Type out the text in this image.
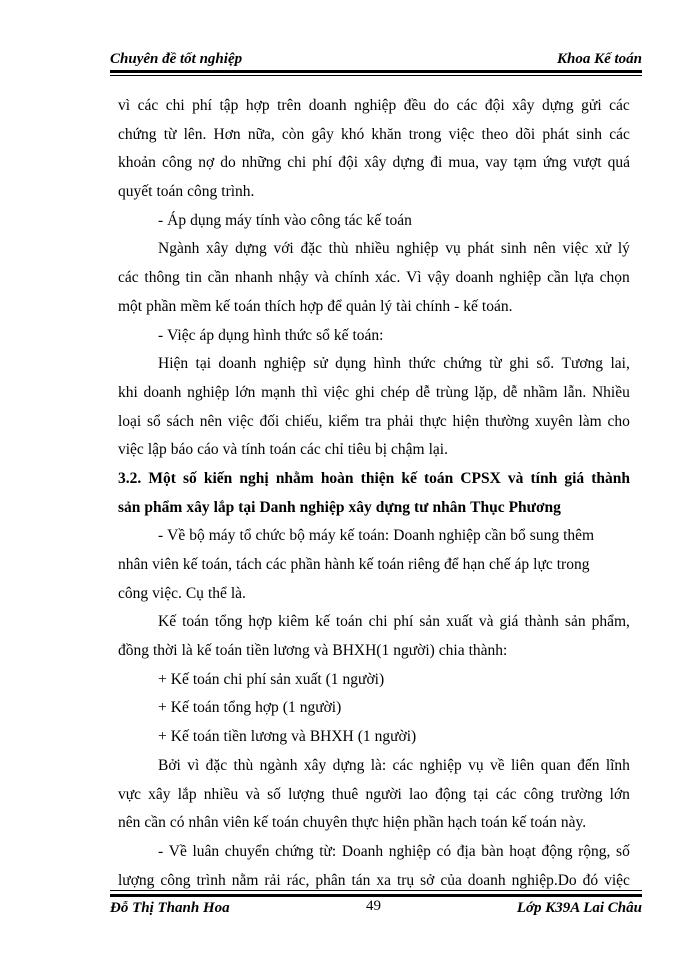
Chuyên đề tốt nghiệp	Khoa Kế toán
vì các chi phí tập hợp trên doanh nghiệp đều do các đội xây dựng gửi các
chứng từ lên. Hơn nữa, còn gây khó khăn trong việc theo dõi phát sinh các
khoản công nợ do những chi phí đội xây dựng đi mua, vay tạm ứng vượt quá
quyết toán công trình.
- Áp dụng máy tính vào công tác kế toán
Ngành xây dựng với đặc thù nhiều nghiệp vụ phát sinh nên việc xử lý
các thông tin cần nhanh nhậy và chính xác. Vì vậy doanh nghiệp cần lựa chọn
một phần mềm kế toán thích hợp để quản lý tài chính - kế toán.
- Việc áp dụng hình thức sổ kế toán:
Hiện tại doanh nghiệp sử dụng hình thức chứng từ ghi sổ. Tương lai,
khi doanh nghiệp lớn mạnh thì việc ghi chép dễ trùng lặp, dễ nhầm lẫn. Nhiều
loại sổ sách nên việc đối chiếu, kiểm tra phải thực hiện thường xuyên làm cho
việc lập báo cáo và tính toán các chỉ tiêu bị chậm lại.
3.2. Một số kiến nghị nhằm hoàn thiện kế toán CPSX và tính giá thành
sản phẩm xây lắp tại Danh nghiệp xây dựng tư nhân Thục Phương
- Về bộ máy tổ chức bộ máy kế toán: Doanh nghiệp cần bổ sung thêm
nhân viên kế toán, tách các phần hành kế toán riêng để hạn chế áp lực trong
công việc. Cụ thể là.
Kế toán tổng hợp kiêm kế toán chi phí sản xuất và giá thành sản phẩm,
đồng thời là kế toán tiền lương và BHXH(1 người) chia thành:
+ Kế toán chi phí sản xuất (1 người)
+ Kế toán tổng hợp (1 người)
+ Kế toán tiền lương và BHXH (1 người)
Bởi vì đặc thù ngành xây dựng là: các nghiệp vụ về liên quan đến lĩnh
vực xây lắp nhiều và số lượng thuê người lao động tại các công trường lớn
nên cần có nhân viên kế toán chuyên thực hiện phần hạch toán kế toán này.
- Về luân chuyển chứng từ: Doanh nghiệp có địa bàn hoạt động rộng, số
lượng công trình nằm rải rác, phân tán xa trụ sở của doanh nghiệp.Do đó việc
Đỗ Thị Thanh Hoa	49	Lớp K39A Lai Châu
